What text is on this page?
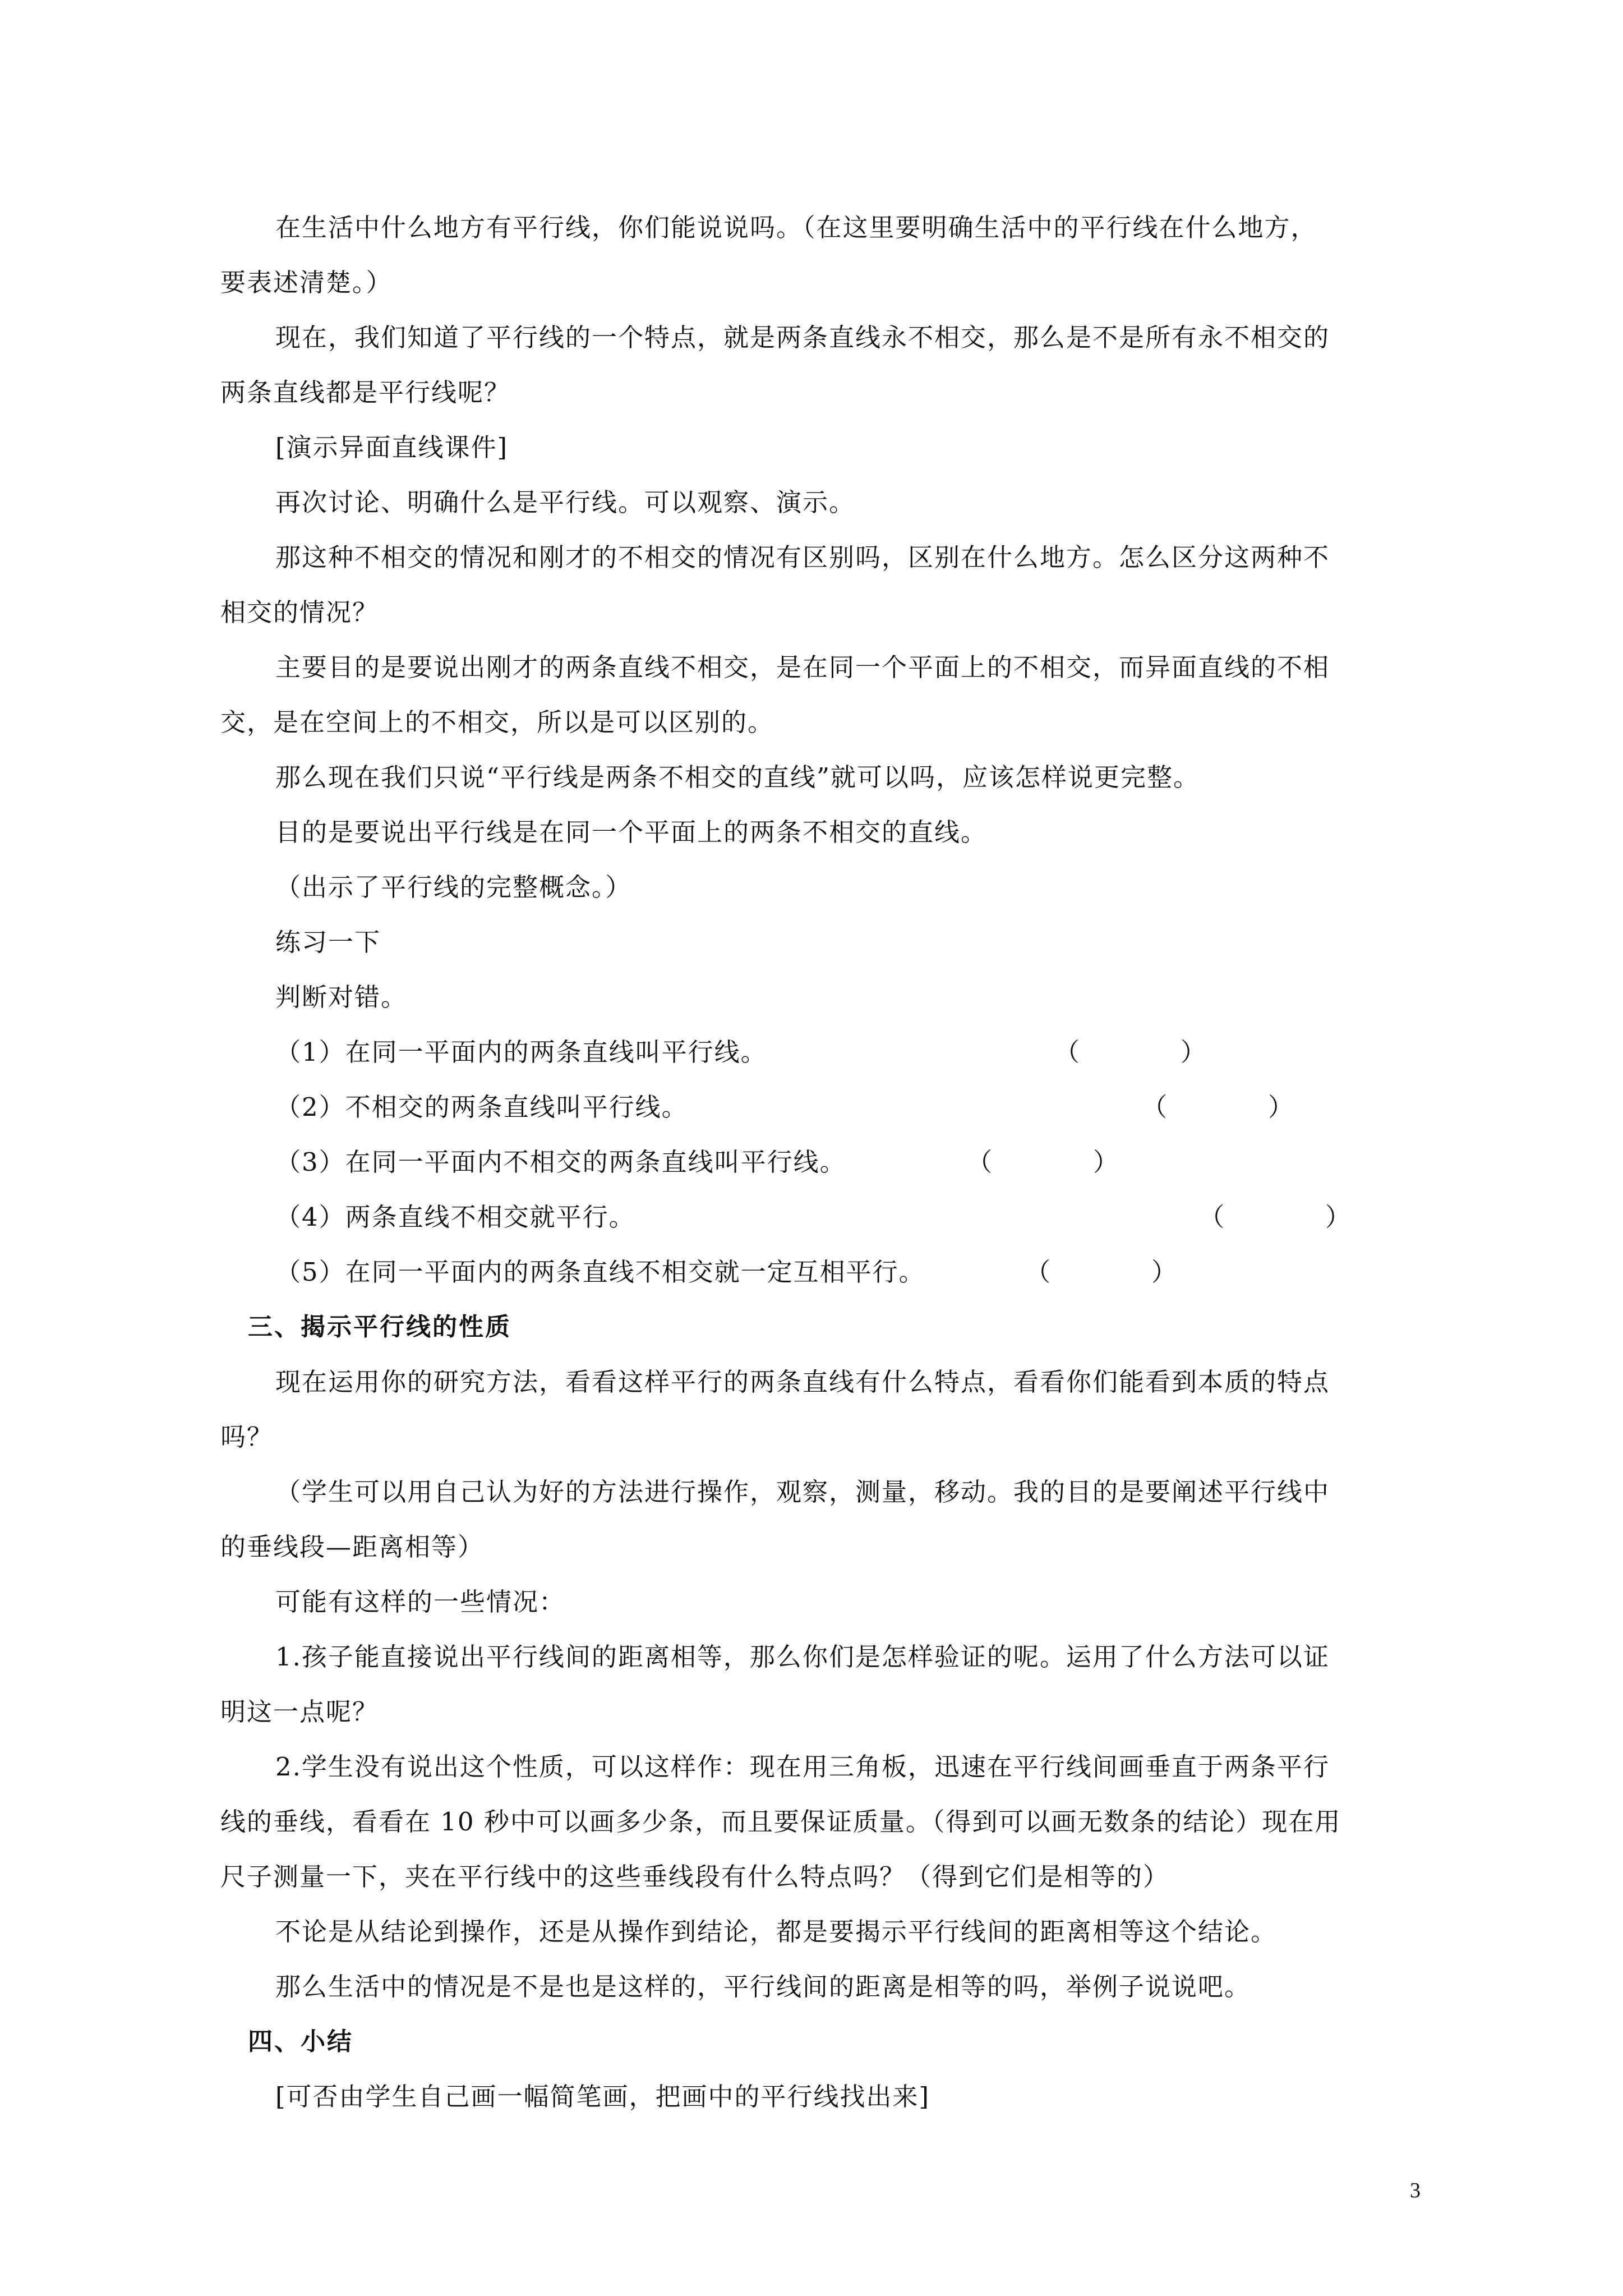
在生活中什么地方有平行线，你们能说说吗。（在这里要明确生活中的平行线在什么地方，
要表述清楚。）
现在，我们知道了平行线的一个特点，就是两条直线永不相交，那么是不是所有永不相交的
两条直线都是平行线呢？
[演示异面直线课件]
再次讨论、明确什么是平行线。可以观察、演示。
那这种不相交的情况和刚才的不相交的情况有区别吗，区别在什么地方。怎么区分这两种不
相交的情况？
主要目的是要说出刚才的两条直线不相交，是在同一个平面上的不相交，而异面直线的不相
交，是在空间上的不相交，所以是可以区别的。
那么现在我们只说“平行线是两条不相交的直线”就可以吗，应该怎样说更完整。
目的是要说出平行线是在同一个平面上的两条不相交的直线。
（出示了平行线的完整概念。）
练习一下
判断对错。
（1）在同一平面内的两条直线叫平行线。	（　　　　）
（2）不相交的两条直线叫平行线。	（　　　　）
（3）在同一平面内不相交的两条直线叫平行线。	（　　　　）
（4）两条直线不相交就平行。	（　　　　）
（5）在同一平面内的两条直线不相交就一定互相平行。	（　　　　）
三、揭示平行线的性质
现在运用你的研究方法，看看这样平行的两条直线有什么特点，看看你们能看到本质的特点
吗？
（学生可以用自己认为好的方法进行操作，观察，测量，移动。我的目的是要阐述平行线中
的垂线段—距离相等）
可能有这样的一些情况：
1.孩子能直接说出平行线间的距离相等，那么你们是怎样验证的呢。运用了什么方法可以证
明这一点呢？
2.学生没有说出这个性质，可以这样作：现在用三角板，迅速在平行线间画垂直于两条平行
线的垂线，看看在 10 秒中可以画多少条，而且要保证质量。（得到可以画无数条的结论）现在用
尺子测量一下，夹在平行线中的这些垂线段有什么特点吗？（得到它们是相等的）
不论是从结论到操作，还是从操作到结论，都是要揭示平行线间的距离相等这个结论。
那么生活中的情况是不是也是这样的，平行线间的距离是相等的吗，举例子说说吧。
四、小结
[可否由学生自己画一幅简笔画，把画中的平行线找出来]
3
